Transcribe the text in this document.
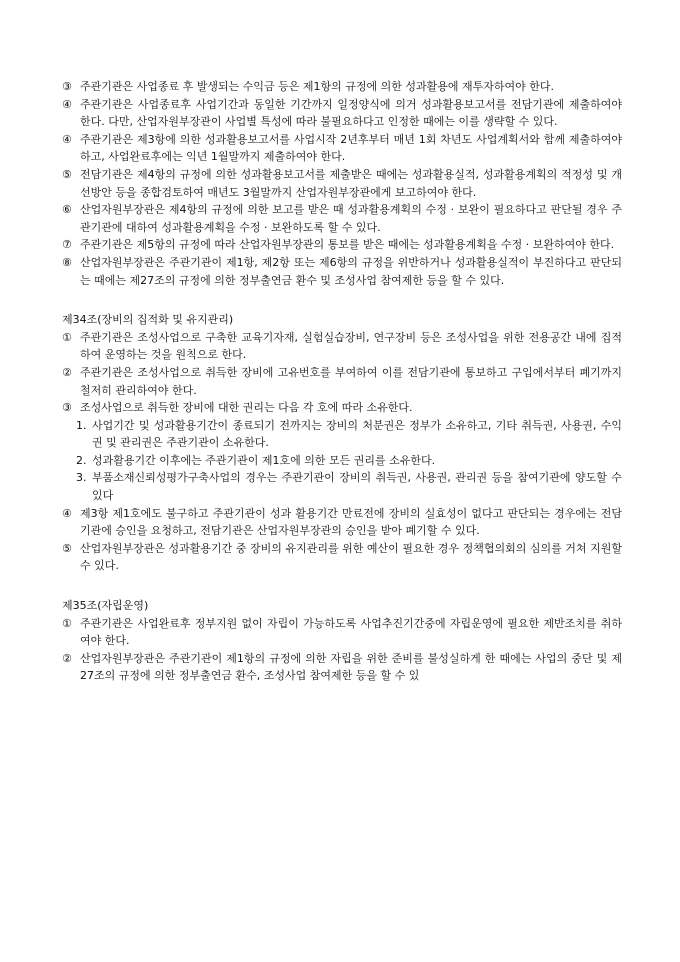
③ 주관기관은 사업종료 후 발생되는 수익금 등은 제1항의 규정에 의한 성과활용에 재투자하여야 한다.
④ 주관기관은 사업종료후 사업기간과 동일한 기간까지 일정양식에 의거 성과활용보고서를 전담기관에 제출하여야 한다. 다만, 산업자원부장관이 사업별 특성에 따라 불필요하다고 인정한 때에는 이를 생략할 수 있다.
④ 주관기관은 제3항에 의한 성과활용보고서를 사업시작 2년후부터 매년 1회 차년도 사업계획서와 함께 제출하여야 하고, 사업완료후에는 익년 1월말까지 제출하여야 한다.
⑤ 전담기관은 제4항의 규정에 의한 성과활용보고서를 제출받은 때에는 성과활용실적, 성과활용계획의 적정성 및 개선방안 등을 종합검토하여 매년도 3월말까지 산업자원부장관에게 보고하여야 한다.
⑥ 산업자원부장관은 제4항의 규정에 의한 보고를 받은 때 성과활용계획의 수정 · 보완이 필요하다고 판단될 경우 주관기관에 대하여 성과활용계획을 수정 · 보완하도록 할 수 있다.
⑦ 주관기관은 제5항의 규정에 따라 산업자원부장관의 통보를 받은 때에는 성과활용계획을 수정 · 보완하여야 한다.
⑧ 산업자원부장관은 주관기관이 제1항, 제2항 또는 제6항의 규정을 위반하거나 성과활용실적이 부진하다고 판단되는 때에는 제27조의 규정에 의한 정부출연금 환수 및 조성사업 참여제한 등을 할 수 있다.
제34조(장비의 집적화 및 유지관리)
① 주관기관은 조성사업으로 구축한 교육기자재, 실험실습장비, 연구장비 등은 조성사업을 위한 전용공간 내에 집적하여 운영하는 것을 원칙으로 한다.
② 주관기관은 조성사업으로 취득한 장비에 고유번호를 부여하여 이를 전담기관에 통보하고 구입에서부터 폐기까지 철저히 관리하여야 한다.
③ 조성사업으로 취득한 장비에 대한 권리는 다음 각 호에 따라 소유한다.
1. 사업기간 및 성과활용기간이 종료되기 전까지는 장비의 처분권은 정부가 소유하고, 기타 취득권, 사용권, 수익권 및 관리권은 주관기관이 소유한다.
2. 성과활용기간 이후에는 주관기관이 제1호에 의한 모든 권리를 소유한다.
3. 부품소재신뢰성평가구축사업의 경우는 주관기관이 장비의 취득권, 사용권, 관리권 등을 참여기관에 양도할 수 있다
④ 제3항 제1호에도 불구하고 주관기관이 성과 활용기간 만료전에 장비의 실효성이 없다고 판단되는 경우에는 전담기관에 승인을 요청하고, 전담기관은 산업자원부장관의 승인을 받아 폐기할 수 있다.
⑤ 산업자원부장관은 성과활용기간 중 장비의 유지관리를 위한 예산이 필요한 경우 정책협의회의 심의를 거쳐 지원할 수 있다.
제35조(자립운영)
① 주관기관은 사업완료후 정부지원 없이 자립이 가능하도록 사업추진기간중에 자립운영에 필요한 제반조치를 취하여야 한다.
② 산업자원부장관은 주관기관이 제1항의 규정에 의한 자립을 위한 준비를 불성실하게 한 때에는 사업의 중단 및 제27조의 규정에 의한 정부출연금 환수, 조성사업 참여제한 등을 할 수 있
